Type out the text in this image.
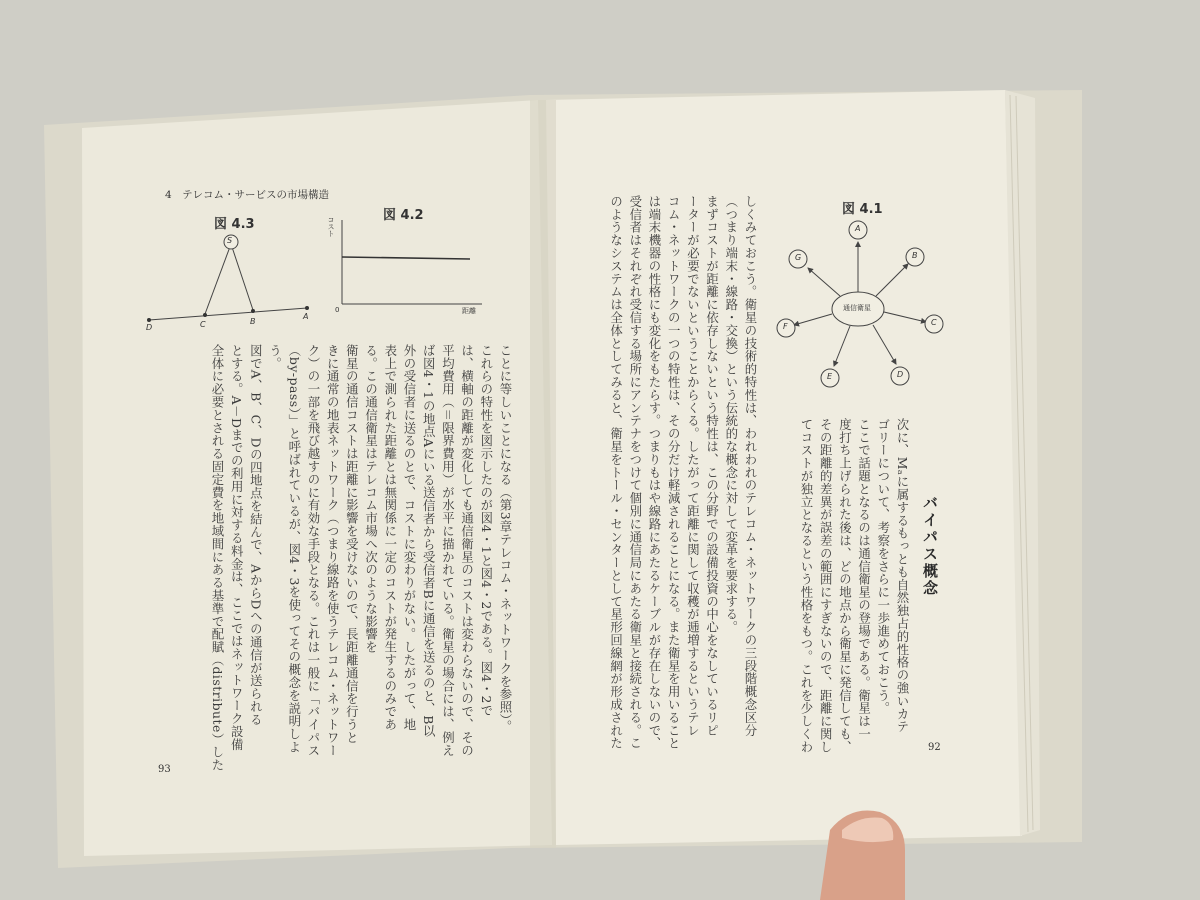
4　テレコム・サービスの市場構造
図 4.3
S
D	C	B
A
図 4.2
コスト
距離
0
ことに等しいことになる（第3章テレコム・ネットワークを参照）。
これらの特性を図示したのが図4・1と図4・2である。図4・2で
は、横軸の距離が変化しても通信衛星のコストは変わらないので、その
平均費用（＝限界費用）が水平に描かれている。衛星の場合には、例え
ば図4・1の地点Aにいる送信者から受信者Bに通信を送るのと、B以
外の受信者に送るのとで、コストに変わりがない。したがって、地
表上で測られた距離とは無関係に一定のコストが発生するのみであ
る。この通信衛星はテレコム市場へ次のような影響を
衛星の通信コストは距離に影響を受けないので、長距離通信を行うと
きに通常の地表ネットワーク（つまり線路を使うテレコム・ネットワー
ク）の一部を飛び越すのに有効な手段となる。これは一般に「バイパス
（by-pass）」と呼ばれているが、図4・3を使ってその概念を説明しよ
う。
図でA、B、C、Dの四地点を結んで、AからDへの通信が送られる
とする。A－Dまでの利用に対する料金は、ここではネットワーク設備
全体に必要とされる固定費を地域間にある基準で配賦（distribute）した
93
図 4.1
通信衛星
A
B
C
D
E
F
G
バイパス概念
次に、Mₐに属するもっとも自然独占的性格の強いカテ
ゴリーについて、考察をさらに一歩進めておこう。
ここで話題となるのは通信衛星の登場である。衛星は一
度打ち上げられた後は、どの地点から衛星に発信しても、
その距離的差異が誤差の範囲にすぎないので、距離に関し
てコストが独立となるという性格をもつ。これを少しくわ
しくみておこう。衛星の技術的特性は、われわれのテレコム・ネットワークの三段階概念区分
（つまり端末・線路・交換）という伝統的な概念に対して変革を要求する。
まずコストが距離に依存しないという特性は、この分野での設備投資の中心をなしているリピ
ーターが必要でないということからくる。したがって距離に関して収穫が逓増するというテレ
コム・ネットワークの一つの特性は、その分だけ軽減されることになる。また衛星を用いること
は端末機器の性格にも変化をもたらす。つまりもはや線路にあたるケーブルが存在しないので、
受信者はそれぞれ受信する場所にアンテナをつけて個別に通信局にあたる衛星と接続される。こ
のようなシステムは全体としてみると、衛星をトール・センターとして星形回線網が形成された	92
